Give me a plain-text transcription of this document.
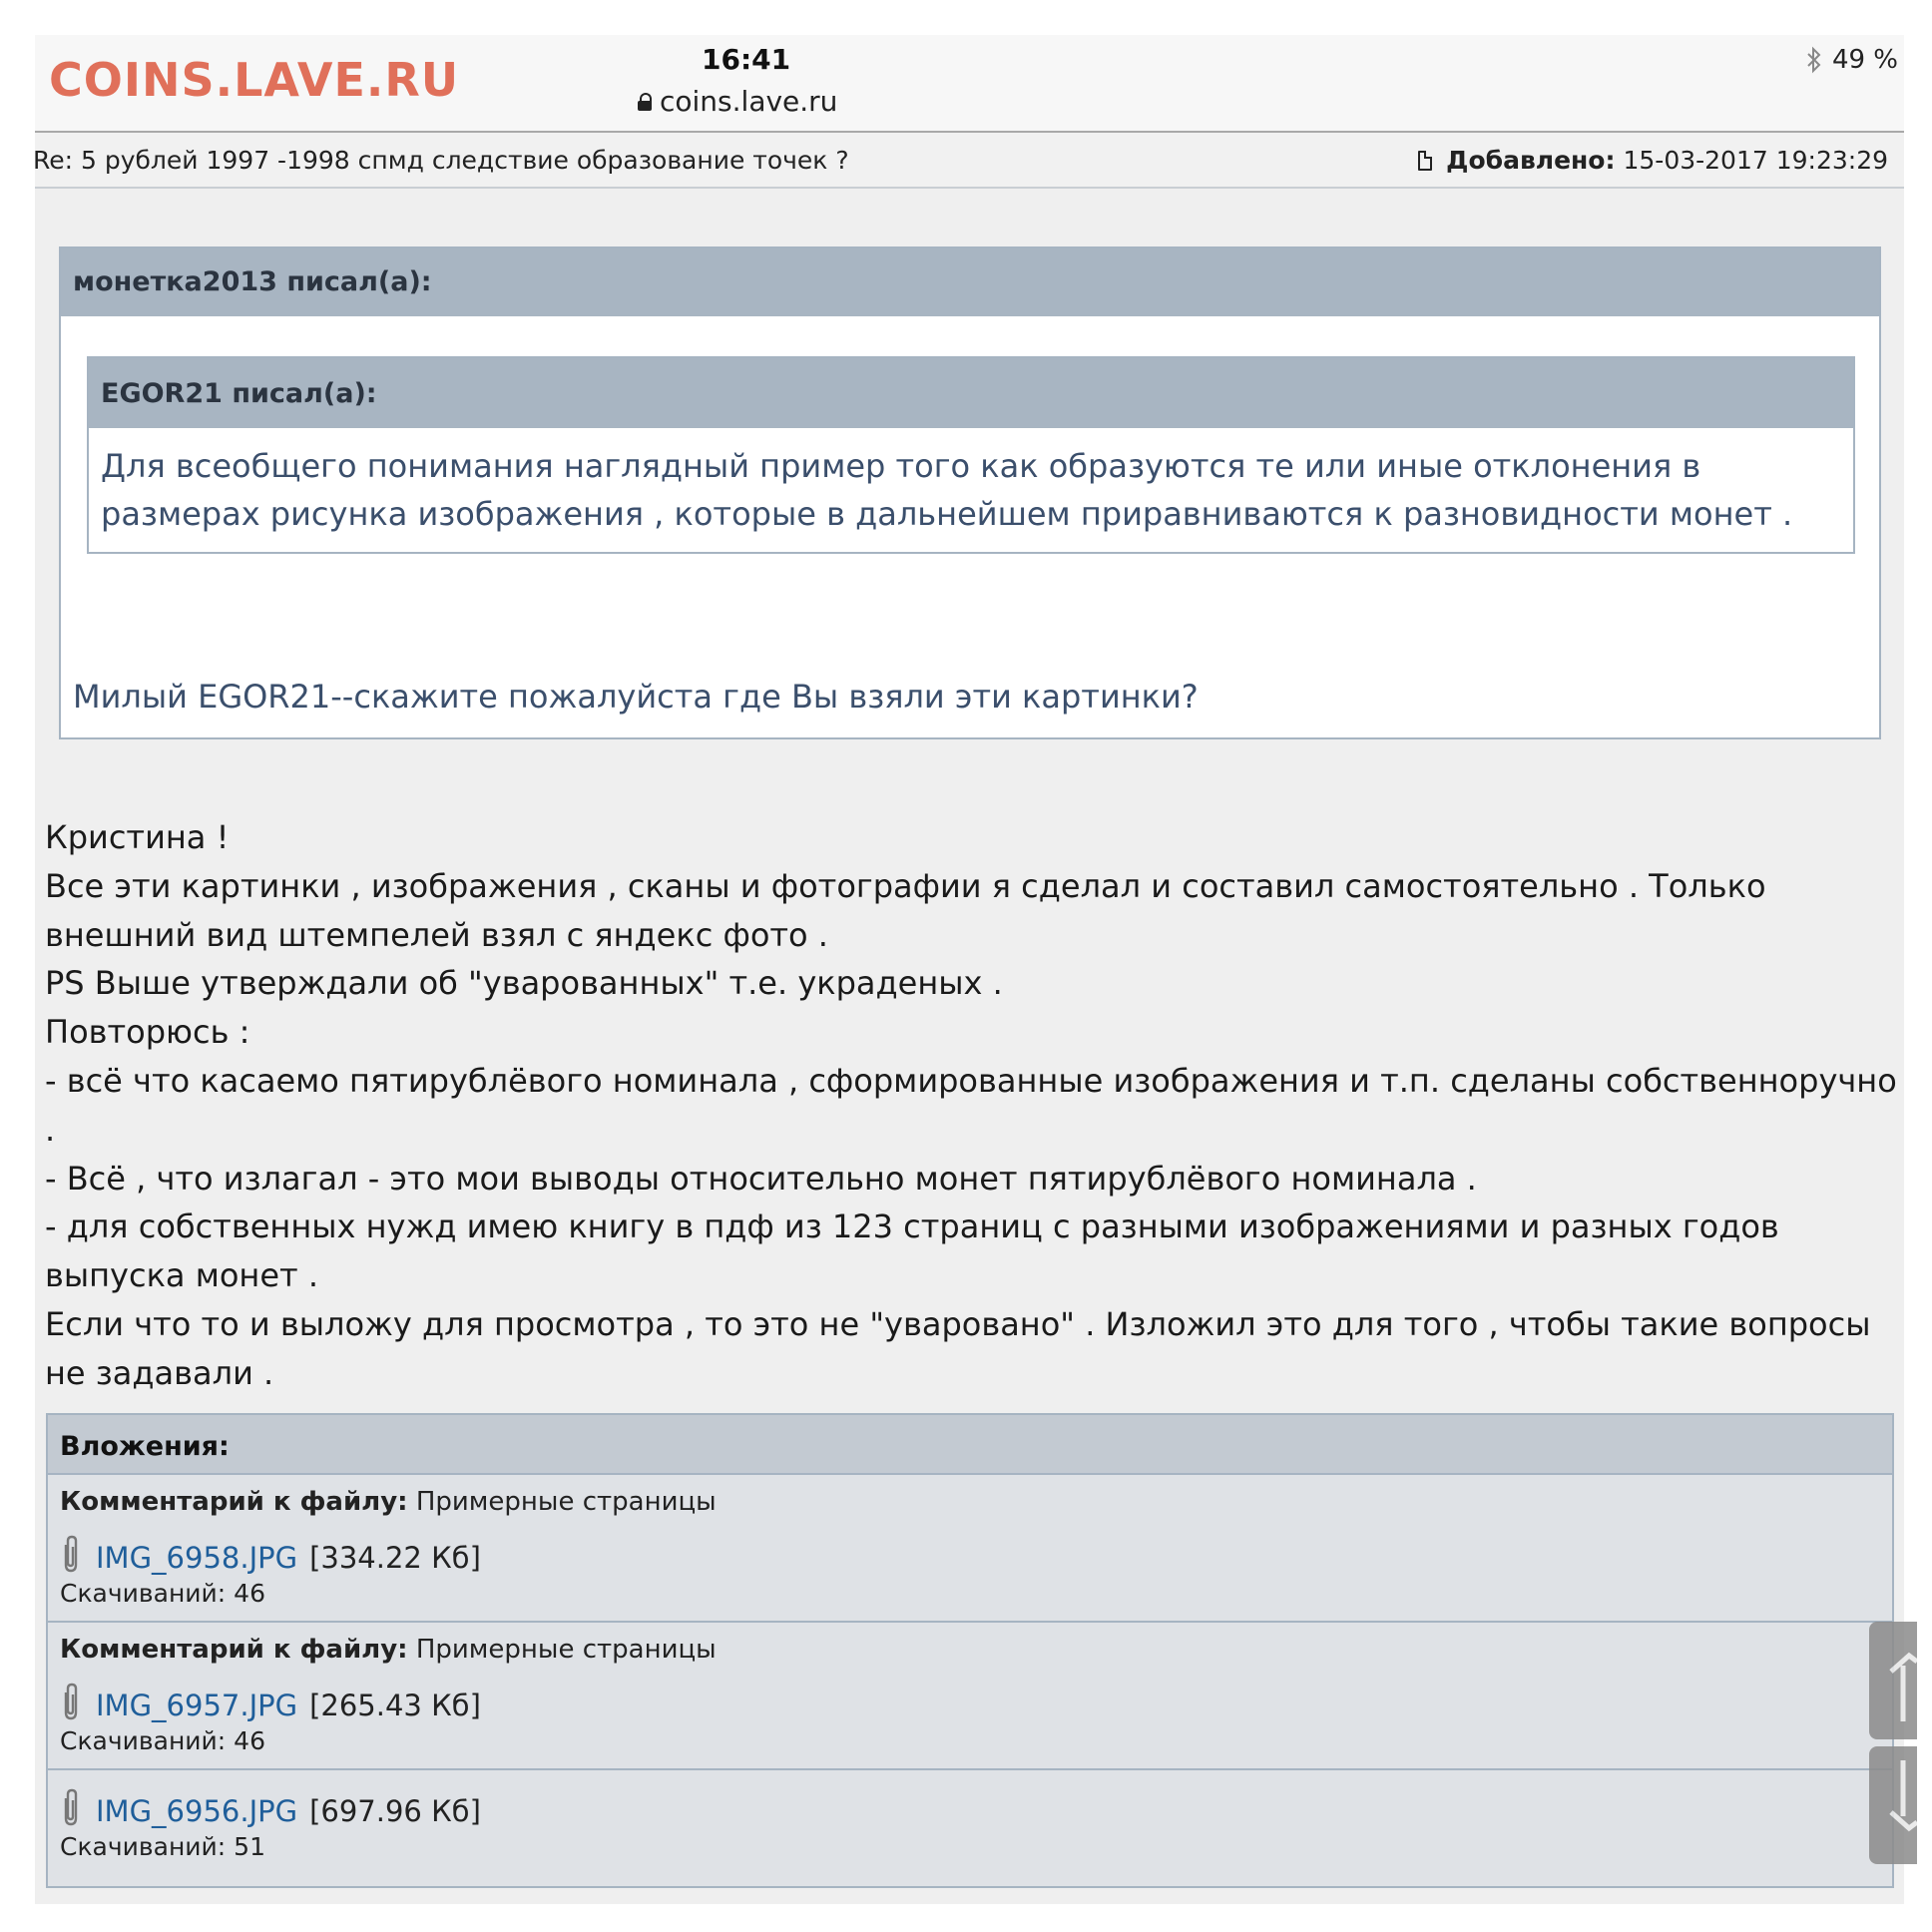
COINS.LAVE.RU	16:41
coins.lave.ru
49 %
Re: 5 рублей 1997 -1998 спмд следствие образование точек ?	Добавлено: 15-03-2017 19:23:29
монетка2013 писал(а):
EGOR21 писал(а):
Для всеобщего понимания наглядный пример того как образуются те или иные отклонения в размерах рисунка изображения , которые в дальнейшем приравниваются к разновидности монет .
Милый EGOR21--скажите пожалуйста где Вы взяли эти картинки?

Кристина !

Все эти картинки , изображения , сканы и фотографии я сделал и составил самостоятельно . Только внешний вид штемпелей взял с яндекс фото .

PS Выше утверждали об "уварованных" т.е. украденых .

Повторюсь :

- всё что касаемо пятирублёвого номинала , сформированные изображения и т.п. сделаны собственноручно .

- Всё , что излагал - это мои выводы относительно монет пятирублёвого номинала .

- для собственных нужд имею книгу в пдф из 123 страниц с разными изображениями и разных годов выпуска монет .

Если что то и выложу для просмотра , то это не "уварованo" . Изложил это для того , чтобы такие вопросы не задавали .

Вложения:
Комментарий к файлу: Примерные страницы
IMG_6958.JPG [334.22 Кб]
Скачиваний: 46
Комментарий к файлу: Примерные страницы
IMG_6957.JPG [265.43 Кб]
Скачиваний: 46
IMG_6956.JPG [697.96 Кб]
Скачиваний: 51
